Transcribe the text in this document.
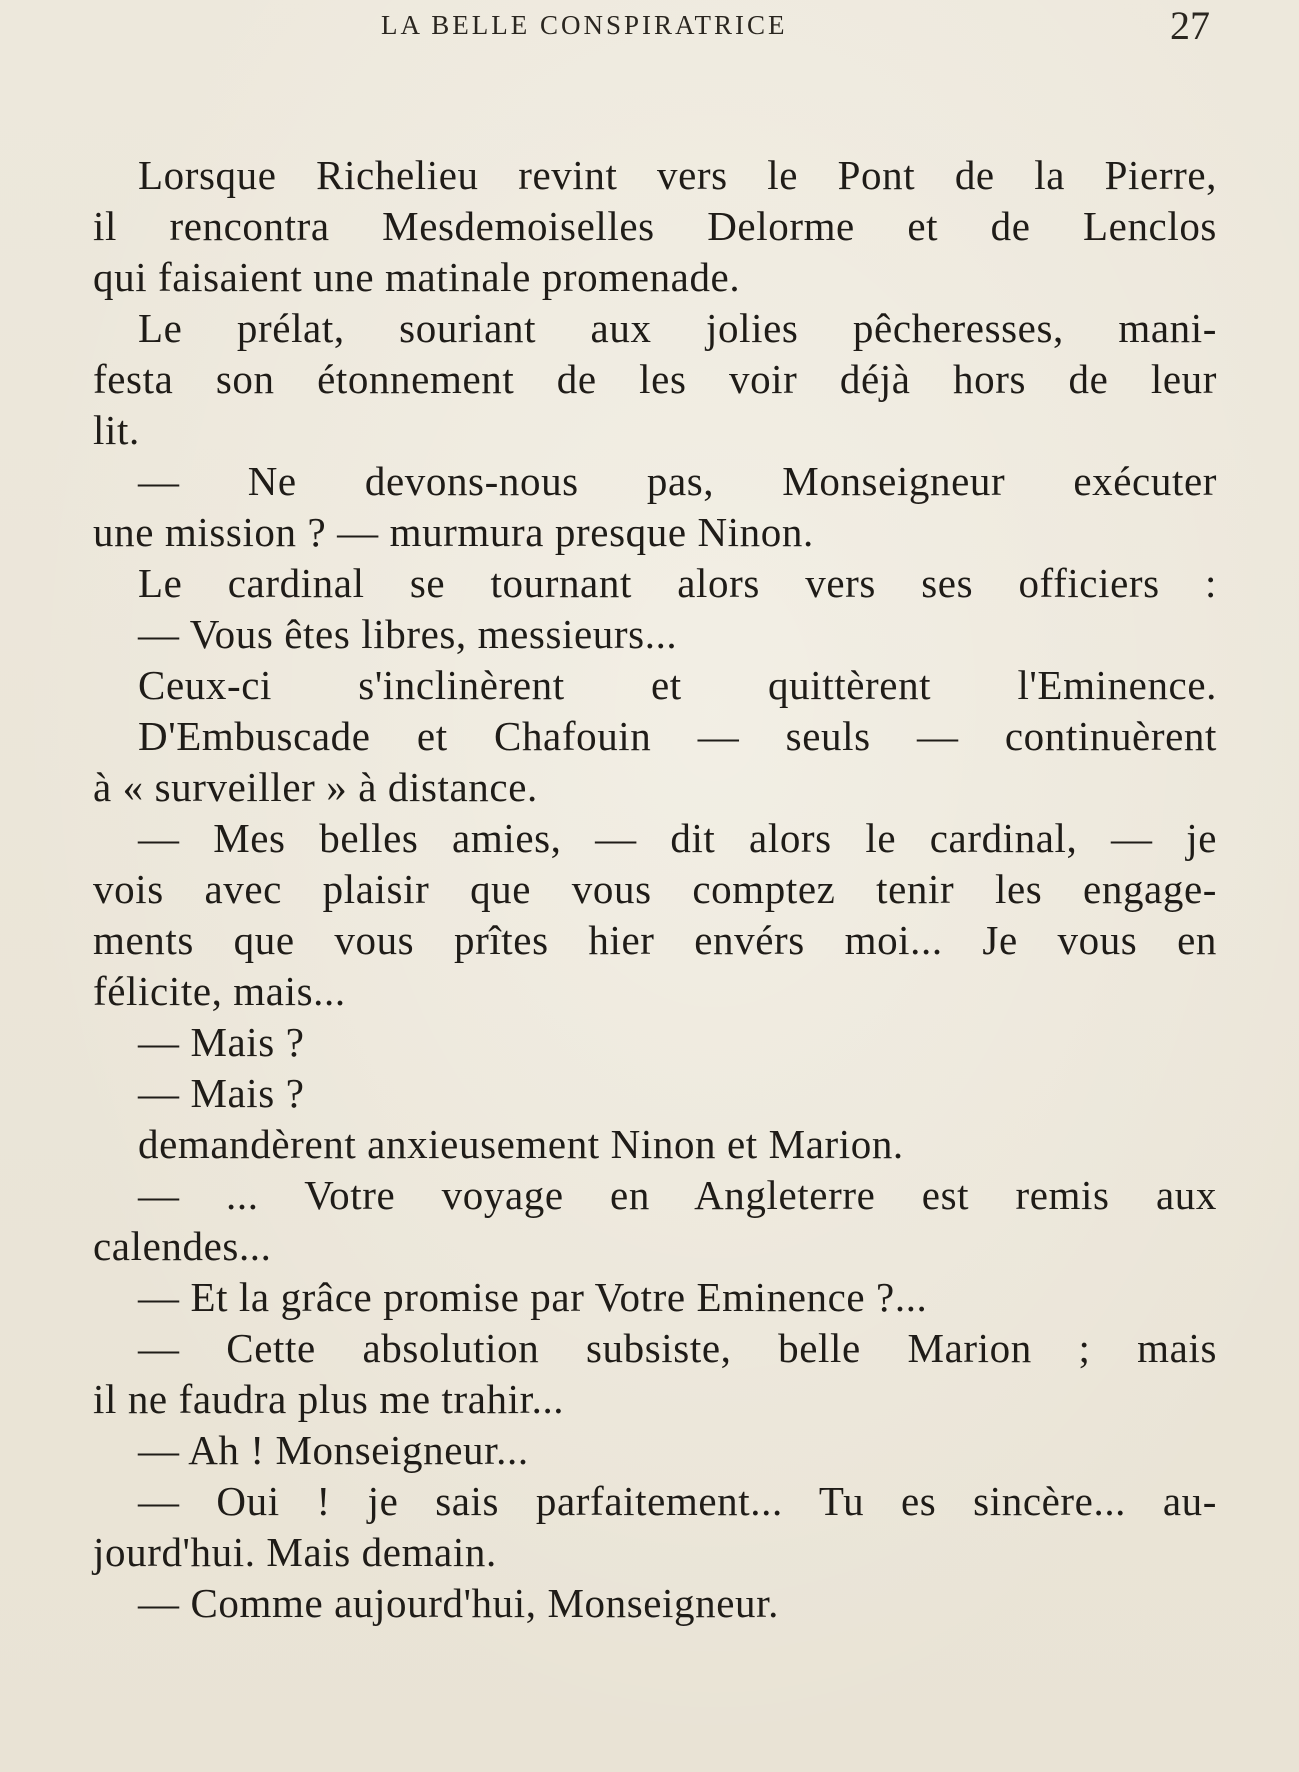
LA BELLE CONSPIRATRICE	27
Lorsque Richelieu revint vers le Pont de la Pierre,
il rencontra Mesdemoiselles Delorme et de Lenclos
qui faisaient une matinale promenade.
Le prélat, souriant aux jolies pêcheresses, mani-
festa son étonnement de les voir déjà hors de leur
lit.
— Ne devons-nous pas, Monseigneur exécuter
une mission ? — murmura presque Ninon.
Le cardinal se tournant alors vers ses officiers :
— Vous êtes libres, messieurs...
Ceux-ci s'inclinèrent et quittèrent l'Eminence.
D'Embuscade et Chafouin — seuls — continuèrent
à « surveiller » à distance.
— Mes belles amies, — dit alors le cardinal, — je
vois avec plaisir que vous comptez tenir les engage-
ments que vous prîtes hier envérs moi... Je vous en
félicite, mais...
— Mais ?
— Mais ?
demandèrent anxieusement Ninon et Marion.
— ... Votre voyage en Angleterre est remis aux
calendes...
— Et la grâce promise par Votre Eminence ?...
— Cette absolution subsiste, belle Marion ; mais
il ne faudra plus me trahir...
— Ah ! Monseigneur...
— Oui ! je sais parfaitement... Tu es sincère... au-
jourd'hui. Mais demain.
— Comme aujourd'hui, Monseigneur.
